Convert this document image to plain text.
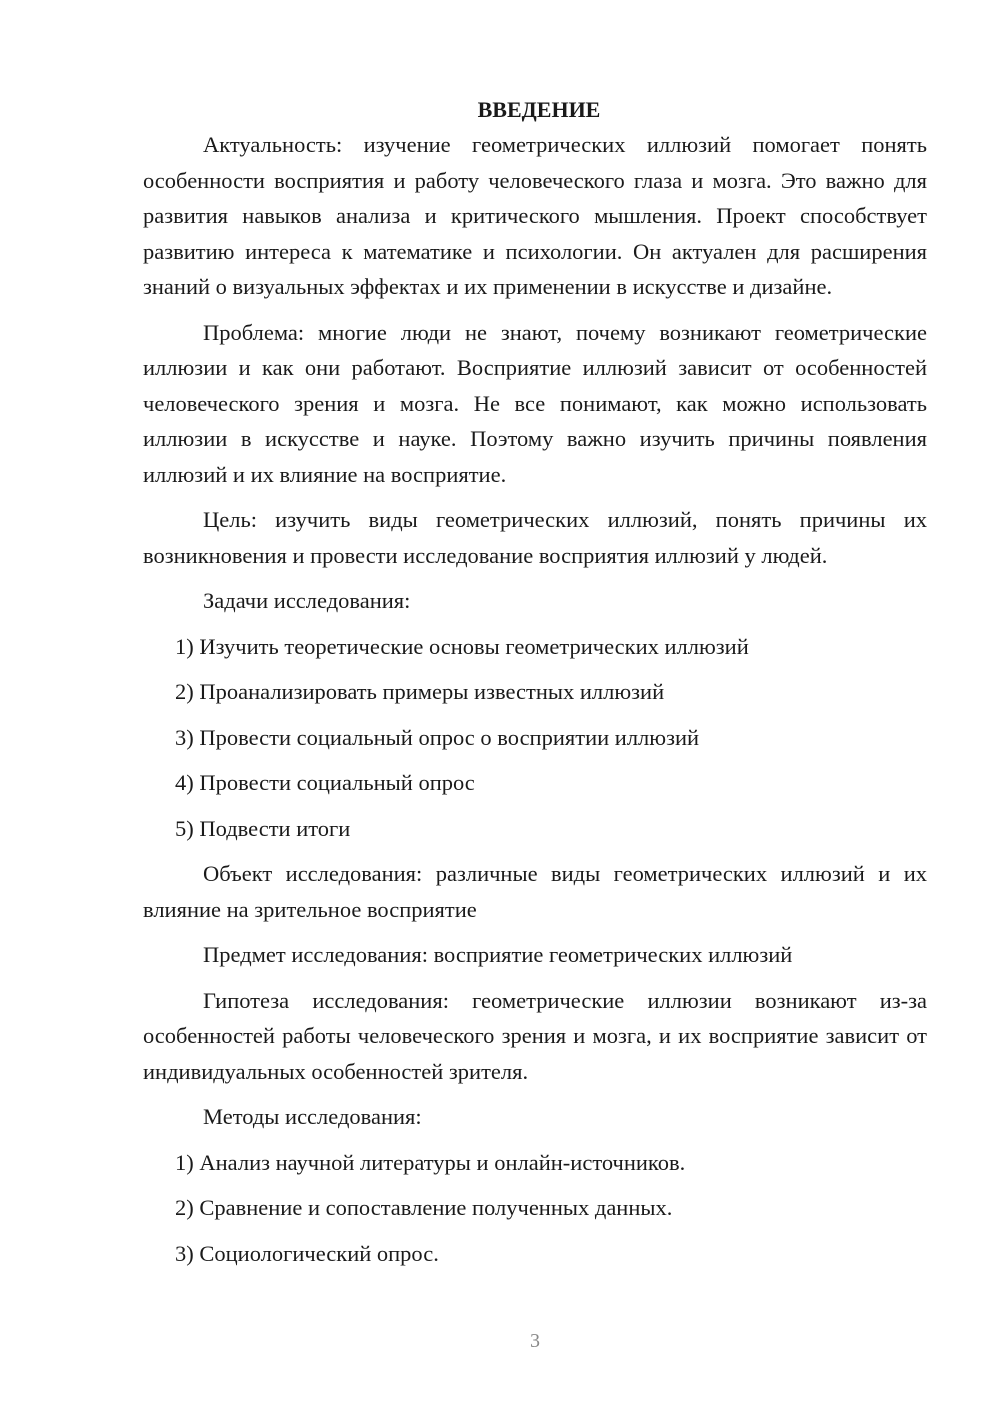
ВВЕДЕНИЕ

Актуальность: изучение геометрических иллюзий помогает понять особенности восприятия и работу человеческого глаза и мозга. Это важно для развития навыков анализа и критического мышления. Проект способствует развитию интереса к математике и психологии. Он актуален для расширения знаний о визуальных эффектах и их применении в искусстве и дизайне.

Проблема: многие люди не знают, почему возникают геометрические иллюзии и как они работают. Восприятие иллюзий зависит от особенностей человеческого зрения и мозга. Не все понимают, как можно использовать иллюзии в искусстве и науке. Поэтому важно изучить причины появления иллюзий и их влияние на восприятие.

Цель: изучить виды геометрических иллюзий, понять причины их возникновения и провести исследование восприятия иллюзий у людей.

Задачи исследования:

1) Изучить теоретические основы геометрических иллюзий

2) Проанализировать примеры известных иллюзий

3) Провести социальный опрос о восприятии иллюзий

4) Провести социальный опрос

5) Подвести итоги

Объект исследования: различные виды геометрических иллюзий и их влияние на зрительное восприятие

Предмет исследования: восприятие геометрических иллюзий

Гипотеза исследования: геометрические иллюзии возникают из-за особенностей работы человеческого зрения и мозга, и их восприятие зависит от индивидуальных особенностей зрителя.

Методы исследования:

1) Анализ научной литературы и онлайн-источников.

2) Сравнение и сопоставление полученных данных.

3) Социологический опрос.

3
